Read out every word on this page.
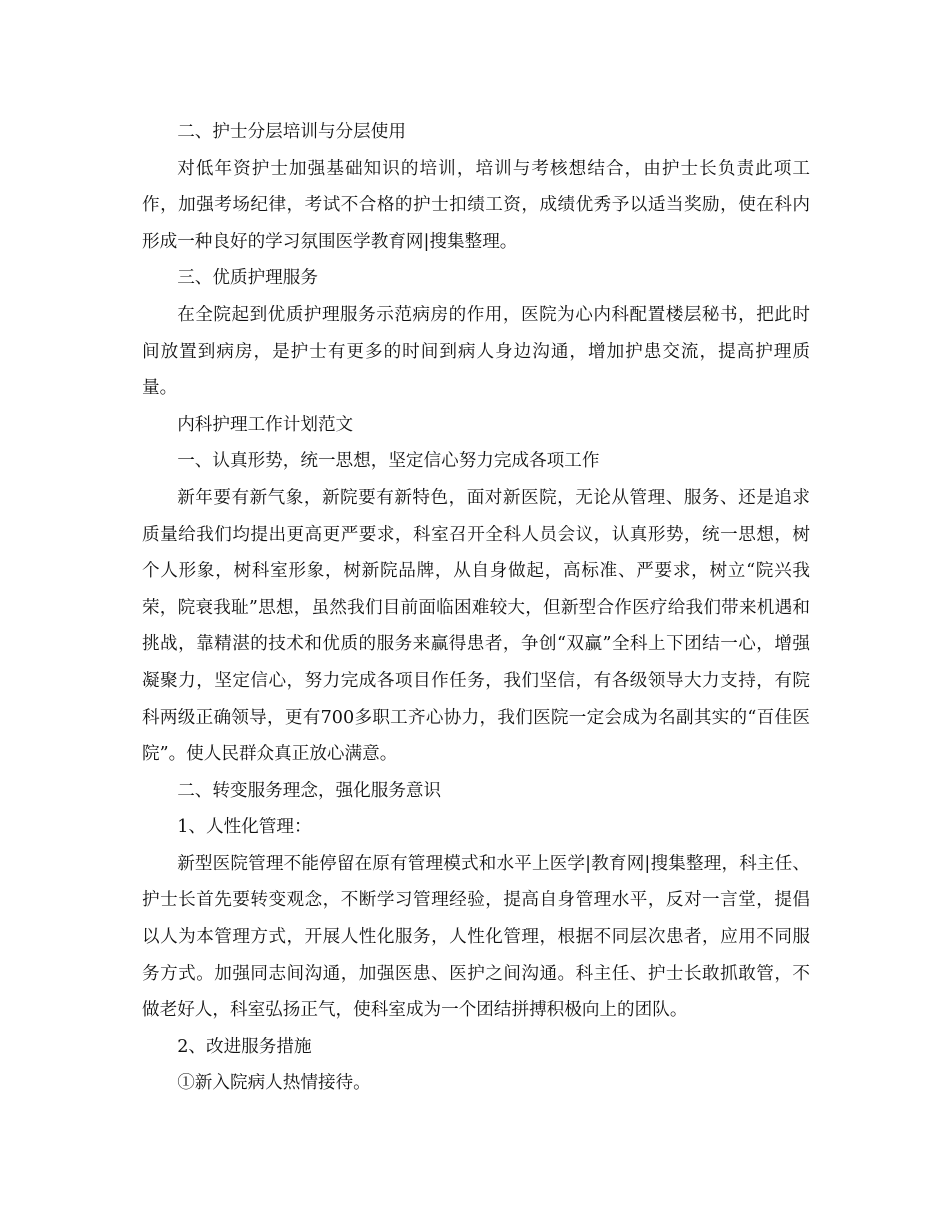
二、护士分层培训与分层使用

对低年资护士加强基础知识的培训，培训与考核想结合，由护士长负责此项工作，加强考场纪律，考试不合格的护士扣绩工资，成绩优秀予以适当奖励，使在科内形成一种良好的学习氛围医学教育网|搜集整理。

三、优质护理服务

在全院起到优质护理服务示范病房的作用，医院为心内科配置楼层秘书，把此时间放置到病房，是护士有更多的时间到病人身边沟通，增加护患交流，提高护理质量。

内科护理工作计划范文

一、认真形势，统一思想，坚定信心努力完成各项工作

新年要有新气象，新院要有新特色，面对新医院，无论从管理、服务、还是追求质量给我们均提出更高更严要求，科室召开全科人员会议，认真形势，统一思想，树个人形象，树科室形象，树新院品牌，从自身做起，高标准、严要求，树立“院兴我荣，院衰我耻”思想，虽然我们目前面临困难较大，但新型合作医疗给我们带来机遇和挑战，靠精湛的技术和优质的服务来赢得患者，争创“双赢”全科上下团结一心，增强凝聚力，坚定信心，努力完成各项目作任务，我们坚信，有各级领导大力支持，有院科两级正确领导，更有700多职工齐心协力，我们医院一定会成为名副其实的“百佳医院”。使人民群众真正放心满意。

二、转变服务理念，强化服务意识

1、人性化管理：

新型医院管理不能停留在原有管理模式和水平上医学|教育网|搜集整理，科主任、护士长首先要转变观念，不断学习管理经验，提高自身管理水平，反对一言堂，提倡以人为本管理方式，开展人性化服务，人性化管理，根据不同层次患者，应用不同服务方式。加强同志间沟通，加强医患、医护之间沟通。科主任、护士长敢抓敢管，不做老好人，科室弘扬正气，使科室成为一个团结拼搏积极向上的团队。

2、改进服务措施

①新入院病人热情接待。
